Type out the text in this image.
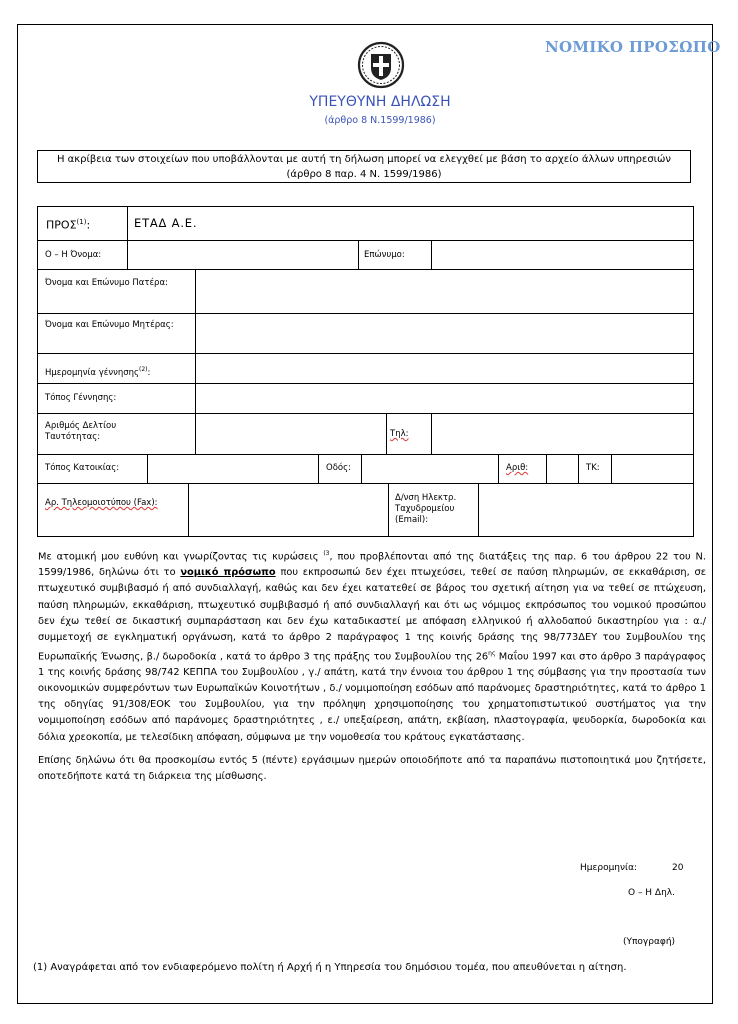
ΝΟΜΙΚΟ ΠΡΟΣΩΠΟ
ΥΠΕΥΘΥΝΗ ΔΗΛΩΣΗ
(άρθρο 8 Ν.1599/1986)
Η ακρίβεια των στοιχείων που υποβάλλονται με αυτή τη δήλωση μπορεί να ελεγχθεί με βάση το αρχείο άλλων υπηρεσιών (άρθρο 8 παρ. 4 Ν. 1599/1986)
ΠΡΟΣ$^{(1)}$:	ΕΤΑΔ Α.Ε.
Ο – Η Όνομα:	Επώνυμο:
Όνομα και Επώνυμο Πατέρα:
Όνομα και Επώνυμο Μητέρας:
Ημερομηνία γέννησης$^{(2)}$:
Τόπος Γέννησης:
Αριθμός Δελτίου Ταυτότητας:	Τηλ:
Τόπος Κατοικίας:	Οδός:	Αριθ:	ΤΚ:
Αρ. Τηλεομοιοτύπου (Fax):	Δ/νση Ηλεκτρ. Ταχυδρομείου (Εmail):

Με ατομική μου ευθύνη και γνωρίζοντας τις κυρώσεις $^{(3}$, που προβλέπονται από της διατάξεις της παρ. 6 του άρθρου 22 του Ν. 1599/1986, δηλώνω ότι το νομικό πρόσωπο που εκπροσωπώ δεν έχει πτωχεύσει, τεθεί σε παύση πληρωμών, σε εκκαθάριση, σε πτωχευτικό συμβιβασμό ή από συνδιαλλαγή, καθώς και δεν έχει κατατεθεί σε βάρος του σχετική αίτηση για να τεθεί σε πτώχευση, παύση πληρωμών, εκκαθάριση, πτωχευτικό συμβιβασμό ή από συνδιαλλαγή και ότι ως νόμιμος εκπρόσωπος του νομικού προσώπου δεν έχω τεθεί σε δικαστική συμπαράσταση και δεν έχω καταδικαστεί με απόφαση ελληνικού ή αλλοδαπού δικαστηρίου για : α./ συμμετοχή σε εγκληματική οργάνωση, κατά το άρθρο 2 παράγραφος 1 της κοινής δράσης της 98/773ΔΕΥ του Συμβουλίου της Ευρωπαϊκής Ένωσης, β./ δωροδοκία , κατά το άρθρο 3 της πράξης του Συμβουλίου της $26^{\eta\varsigma}$ Μαΐου 1997 και στο άρθρο 3 παράγραφος 1 της κοινής δράσης 98/742 ΚΕΠΠΑ του Συμβουλίου , γ./ απάτη, κατά την έννοια του άρθρου 1 της σύμβασης για την προστασία των οικονομικών συμφερόντων των Ευρωπαϊκών Κοινοτήτων , δ./ νομιμοποίηση εσόδων από παράνομες δραστηριότητες, κατά το άρθρο 1 της οδηγίας 91/308/ΕΟΚ του Συμβουλίου, για την πρόληψη χρησιμοποίησης του χρηματοπιστωτικού συστήματος για την νομιμοποίηση εσόδων από παράνομες δραστηριότητες , ε./ υπεξαίρεση, απάτη, εκβίαση, πλαστογραφία, ψευδορκία, δωροδοκία και δόλια χρεοκοπία, με τελεσίδικη απόφαση, σύμφωνα με την νομοθεσία του κράτους εγκατάστασης.

Επίσης δηλώνω ότι θα προσκομίσω εντός 5 (πέντε) εργάσιμων ημερών οποιοδήποτε από τα παραπάνω πιστοποιητικά μου ζητήσετε, οποτεδήποτε κατά τη διάρκεια της μίσθωσης.

Ημερομηνία:	20
Ο – Η Δηλ.
(Υπογραφή)
(1) Αναγράφεται από τον ενδιαφερόμενο πολίτη ή Αρχή ή η Υπηρεσία του δημόσιου τομέα, που απευθύνεται η αίτηση.
